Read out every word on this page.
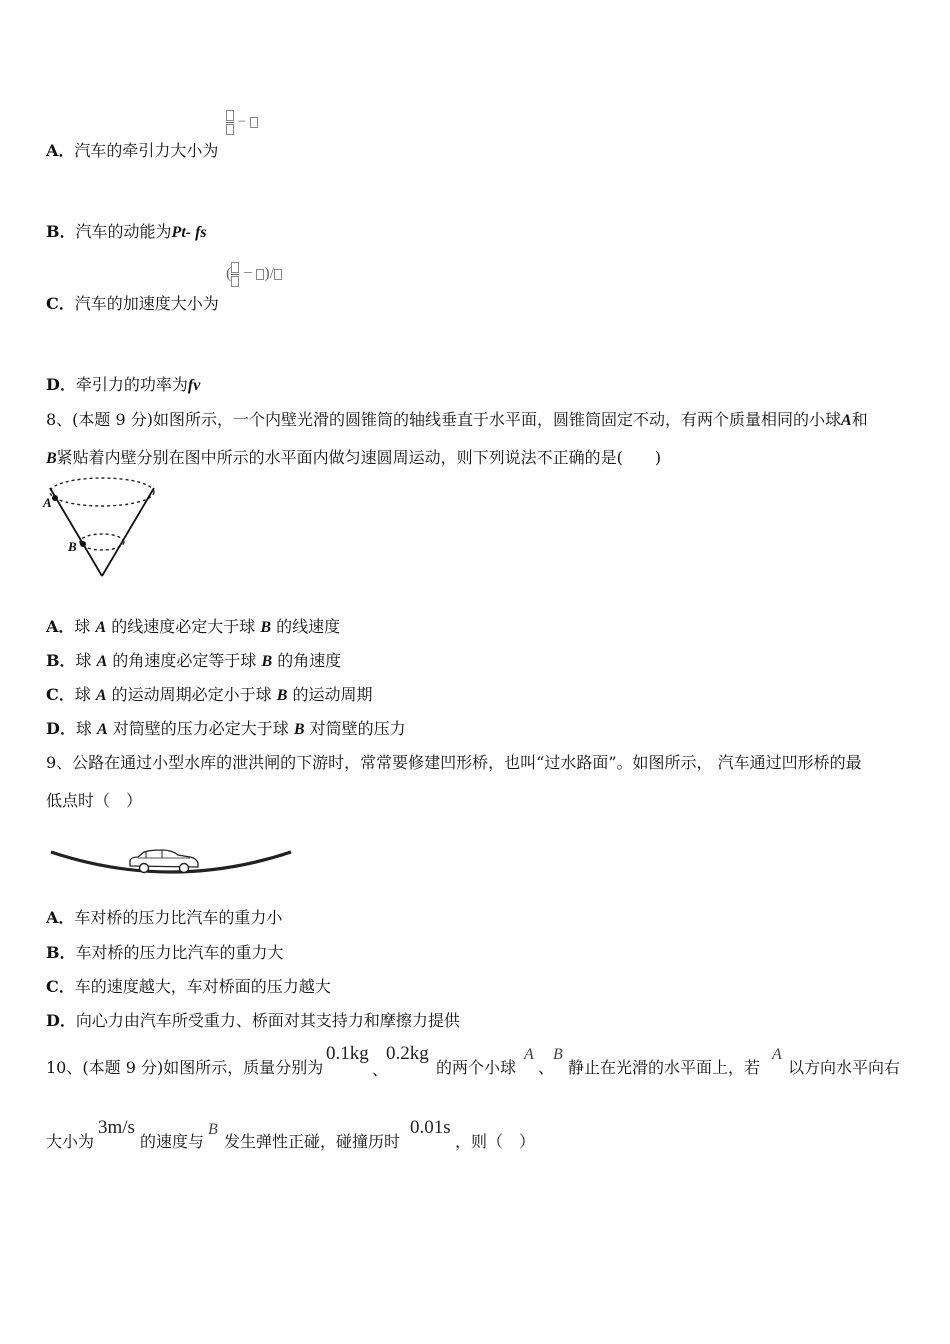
−
A．汽车的牵引力大小为
B．汽车的动能为Pt- fs
(
− )/
C．汽车的加速度大小为
D．牵引力的功率为fv
8、(本题 9 分)如图所示，一个内壁光滑的圆锥筒的轴线垂直于水平面，圆锥筒固定不动，有两个质量相同的小球A和
B紧贴着内壁分别在图中所示的水平面内做匀速圆周运动，则下列说法不正确的是(　　)
A
B
A．球 A 的线速度必定大于球 B 的线速度
B．球 A 的角速度必定等于球 B 的角速度
C．球 A 的运动周期必定小于球 B 的运动周期
D．球 A 对筒壁的压力必定大于球 B 对筒壁的压力
9、公路在通过小型水库的泄洪闸的下游时，常常要修建凹形桥，也叫“过水路面”。如图所示， 汽车通过凹形桥的最
低点时（　）
A．车对桥的压力比汽车的重力小
B．车对桥的压力比汽车的重力大
C．车的速度越大，车对桥面的压力越大
D．向心力由汽车所受重力、桥面对其支持力和摩擦力提供
10、(本题 9 分)如图所示，质量分别为
0.1kg
、
0.2kg
的两个小球
A
、
B
静止在光滑的水平面上，若
A
以方向水平向右
大小为
3m/s
的速度与
B
发生弹性正碰，碰撞历时
0.01s
，则（　）
